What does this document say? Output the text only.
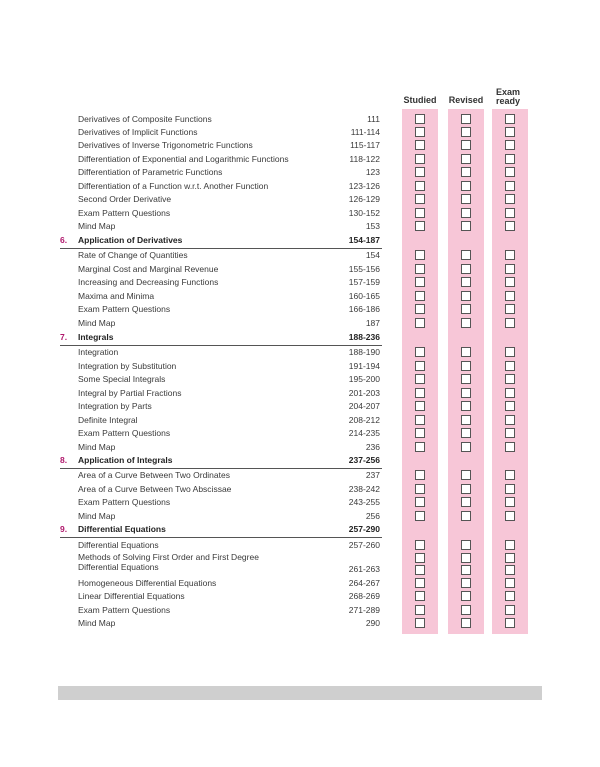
Studied	Revised
Exam
ready
Derivatives of Composite Functions	111
Derivatives of Implicit Functions	111-114
Derivatives of Inverse Trigonometric Functions	115-117
Differentiation of Exponential and Logarithmic Functions	118-122
Differentiation of Parametric Functions	123
Differentiation of a Function w.r.t. Another Function	123-126
Second Order Derivative	126-129
Exam Pattern Questions	130-152
Mind Map	153
6. Application of Derivatives	154-187
Rate of Change of Quantities	154
Marginal Cost and Marginal Revenue	155-156
Increasing and Decreasing Functions	157-159
Maxima and Minima	160-165
Exam Pattern Questions	166-186
Mind Map	187
7. Integrals	188-236
Integration	188-190
Integration by Substitution	191-194
Some Special Integrals	195-200
Integral by Partial Fractions	201-203
Integration by Parts	204-207
Definite Integral	208-212
Exam Pattern Questions	214-235
Mind Map	236
8. Application of Integrals	237-256
Area of a Curve Between Two Ordinates	237
Area of a Curve Between Two Abscissae	238-242
Exam Pattern Questions	243-255
Mind Map	256
9. Differential Equations	257-290
Differential Equations	257-260
Methods of Solving First Order and First Degree
Differential Equations	261-263
Homogeneous Differential Equations	264-267
Linear Differential Equations	268-269
Exam Pattern Questions	271-289
Mind Map	290
